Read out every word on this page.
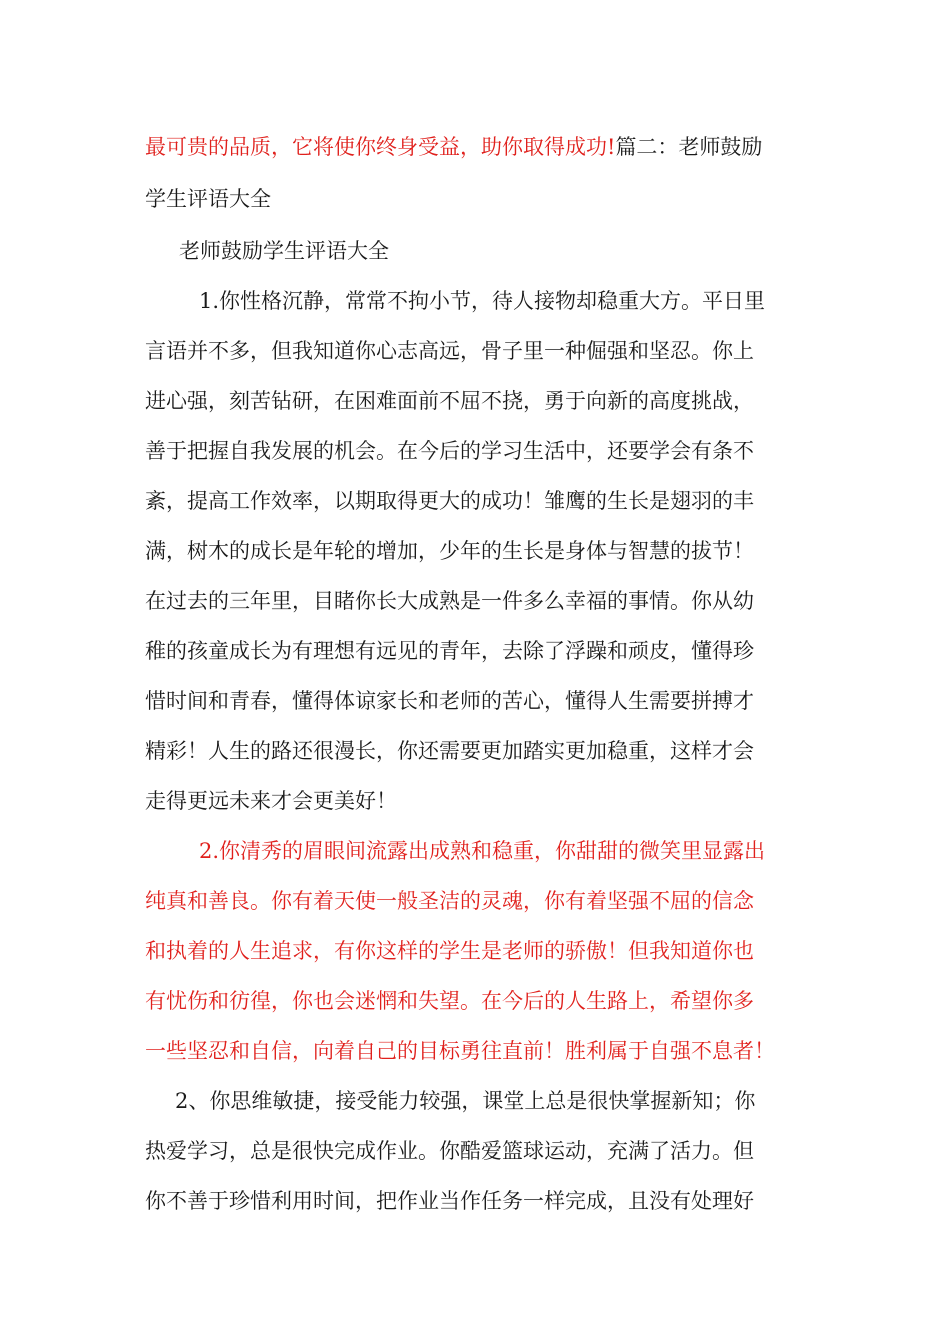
最可贵的品质，它将使你终身受益，助你取得成功!篇二：老师鼓励
学生评语大全
老师鼓励学生评语大全
1.你性格沉静，常常不拘小节，待人接物却稳重大方。平日里
言语并不多，但我知道你心志高远，骨子里一种倔强和坚忍。你上
进心强，刻苦钻研，在困难面前不屈不挠，勇于向新的高度挑战，
善于把握自我发展的机会。在今后的学习生活中，还要学会有条不
紊，提高工作效率，以期取得更大的成功！雏鹰的生长是翅羽的丰
满，树木的成长是年轮的增加，少年的生长是身体与智慧的拔节！
在过去的三年里，目睹你长大成熟是一件多么幸福的事情。你从幼
稚的孩童成长为有理想有远见的青年，去除了浮躁和顽皮，懂得珍
惜时间和青春，懂得体谅家长和老师的苦心，懂得人生需要拼搏才
精彩！人生的路还很漫长，你还需要更加踏实更加稳重，这样才会
走得更远未来才会更美好！
2.你清秀的眉眼间流露出成熟和稳重，你甜甜的微笑里显露出
纯真和善良。你有着天使一般圣洁的灵魂，你有着坚强不屈的信念
和执着的人生追求，有你这样的学生是老师的骄傲！但我知道你也
有忧伤和彷徨，你也会迷惘和失望。在今后的人生路上，希望你多
一些坚忍和自信，向着自己的目标勇往直前！胜利属于自强不息者！
2、你思维敏捷，接受能力较强，课堂上总是很快掌握新知；你
热爱学习，总是很快完成作业。你酷爱篮球运动，充满了活力。但
你不善于珍惜利用时间，把作业当作任务一样完成，且没有处理好
